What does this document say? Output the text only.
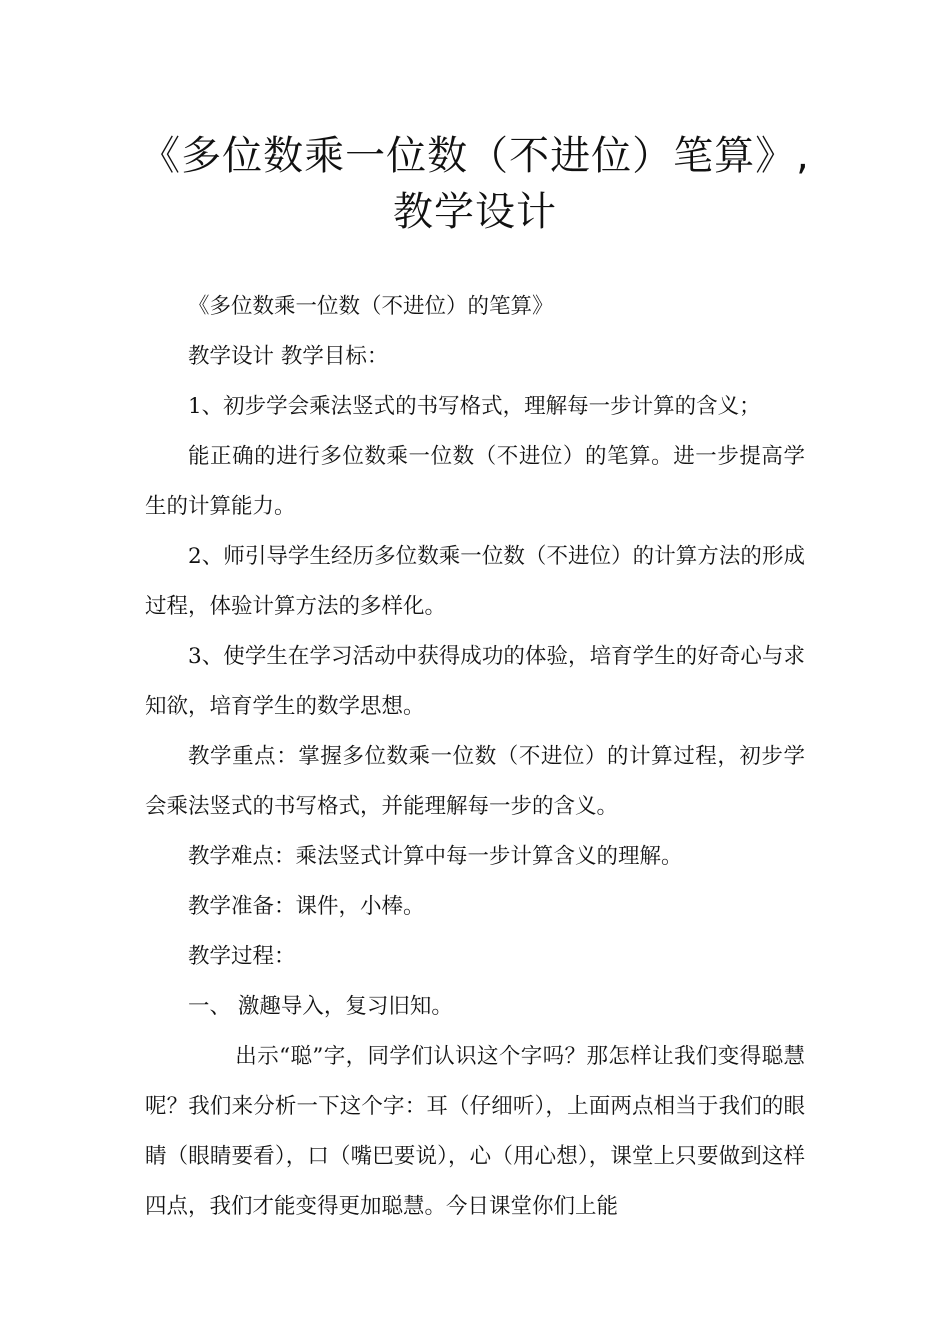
《多位数乘一位数（不进位）笔算》,
教学设计

《多位数乘一位数（不进位）的笔算》

教学设计 教学目标：

1、初步学会乘法竖式的书写格式，理解每一步计算的含义；

能正确的进行多位数乘一位数（不进位）的笔算。进一步提高学生的计算能力。

2、师引导学生经历多位数乘一位数（不进位）的计算方法的形成过程，体验计算方法的多样化。

3、使学生在学习活动中获得成功的体验，培育学生的好奇心与求知欲，培育学生的数学思想。

教学重点：掌握多位数乘一位数（不进位）的计算过程，初步学会乘法竖式的书写格式，并能理解每一步的含义。

教学难点：乘法竖式计算中每一步计算含义的理解。

教学准备：课件，小棒。

教学过程：

一、 激趣导入，复习旧知。

出示“聪”字，同学们认识这个字吗？那怎样让我们变得聪慧呢？我们来分析一下这个字：耳（仔细听），上面两点相当于我们的眼睛（眼睛要看），口（嘴巴要说），心（用心想），课堂上只要做到这样四点，我们才能变得更加聪慧。今日课堂你们上能
